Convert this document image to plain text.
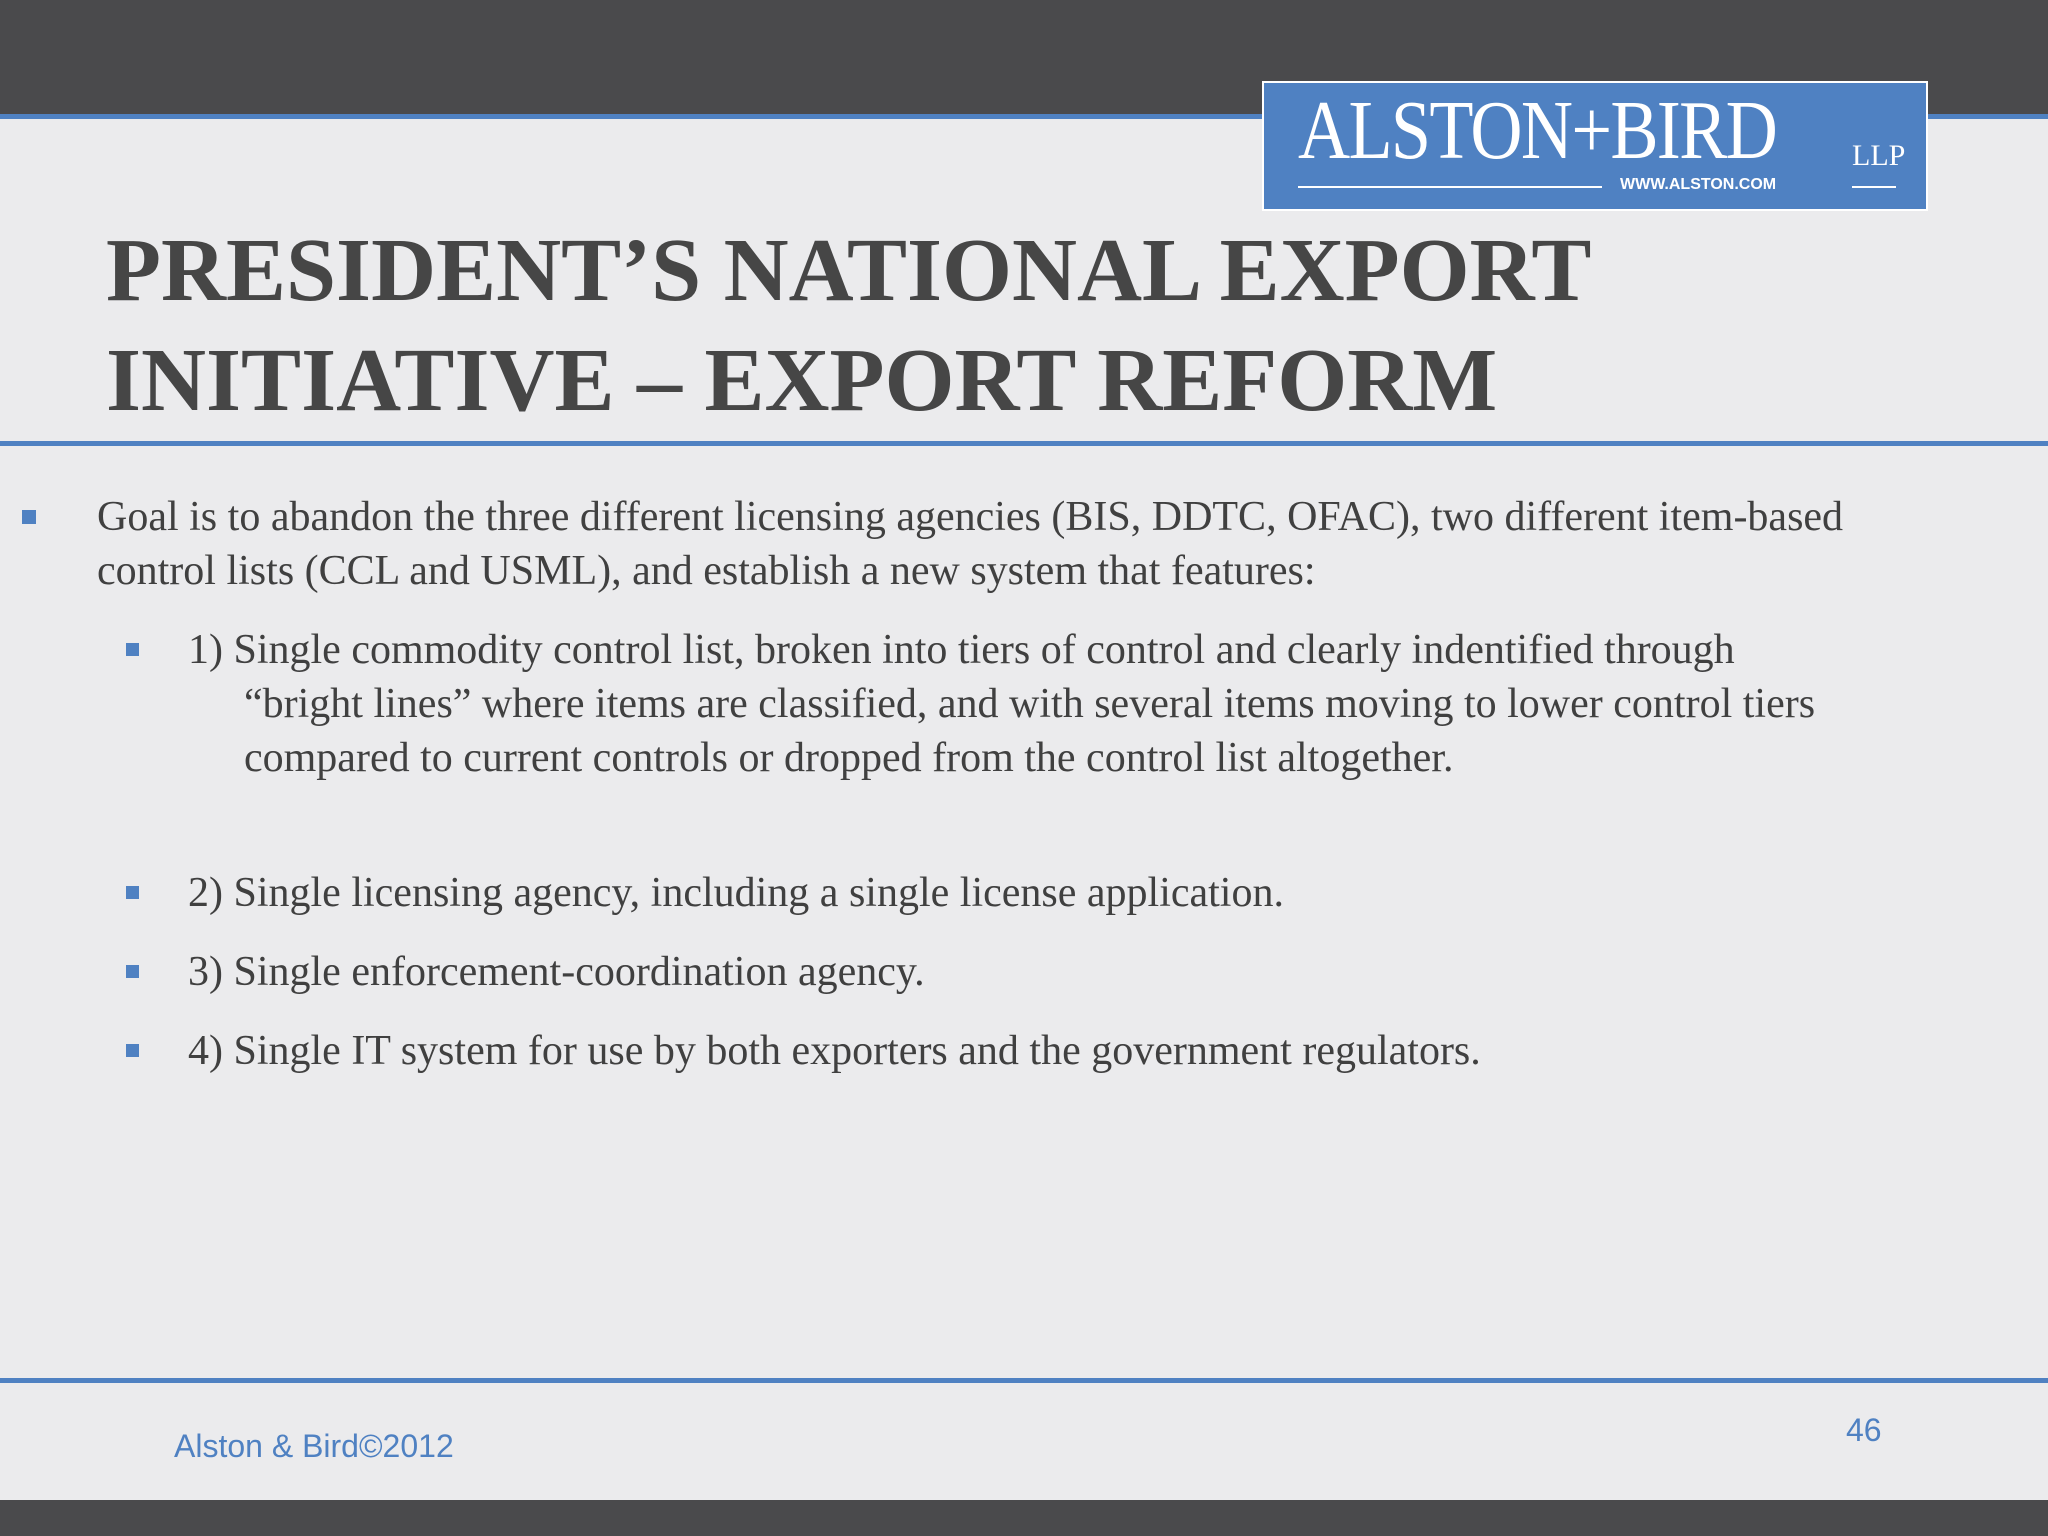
ALSTON+BIRD	LLP
WWW.ALSTON.COM
PRESIDENT’S NATIONAL EXPORT
INITIATIVE – EXPORT REFORM

Goal is to abandon the three different licensing agencies (BIS, DDTC, OFAC), two different item-based control lists (CCL and USML), and establish a new system that features:

1) Single commodity control list, broken into tiers of control and clearly indentified through “bright lines” where items are classified, and with several items moving to lower control tiers compared to current controls or dropped from the control list altogether.

2) Single licensing agency, including a single license application.

3) Single enforcement-coordination agency.

4) Single IT system for use by both exporters and the government regulators.

Alston & Bird©2012	46
